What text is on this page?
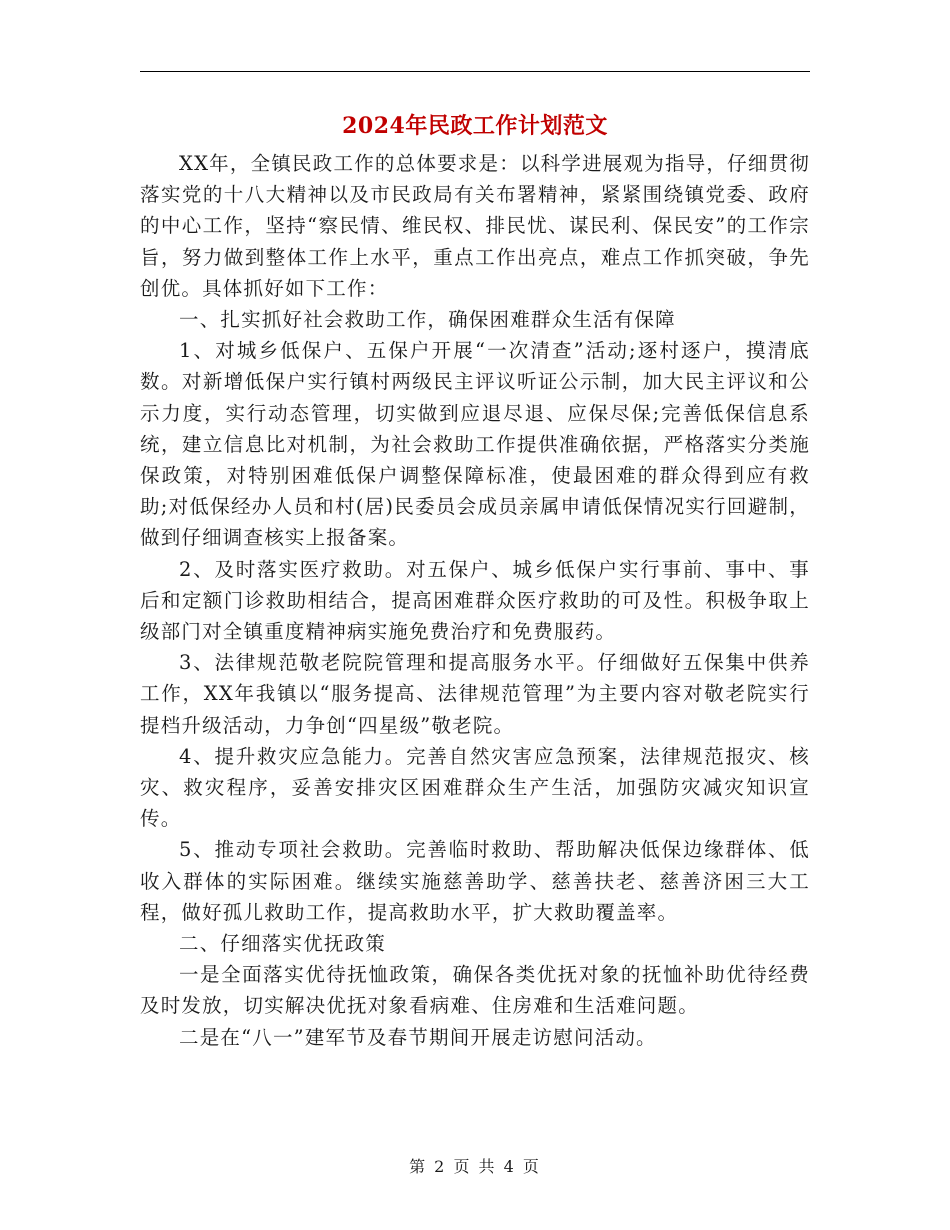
2024年民政工作计划范文

XX年，全镇民政工作的总体要求是：以科学进展观为指导，仔细贯彻落实党的十八大精神以及市民政局有关布署精神，紧紧围绕镇党委、政府的中心工作，坚持“察民情、维民权、排民忧、谋民利、保民安”的工作宗旨，努力做到整体工作上水平，重点工作出亮点，难点工作抓突破，争先创优。具体抓好如下工作：

一、扎实抓好社会救助工作，确保困难群众生活有保障

1、对城乡低保户、五保户开展“一次清查”活动;逐村逐户，摸清底数。对新增低保户实行镇村两级民主评议听证公示制，加大民主评议和公示力度，实行动态管理，切实做到应退尽退、应保尽保;完善低保信息系统，建立信息比对机制，为社会救助工作提供准确依据，严格落实分类施保政策，对特别困难低保户调整保障标准，使最困难的群众得到应有救助;对低保经办人员和村(居)民委员会成员亲属申请低保情况实行回避制，做到仔细调查核实上报备案。

2、及时落实医疗救助。对五保户、城乡低保户实行事前、事中、事后和定额门诊救助相结合，提高困难群众医疗救助的可及性。积极争取上级部门对全镇重度精神病实施免费治疗和免费服药。

3、法律规范敬老院院管理和提高服务水平。仔细做好五保集中供养工作，XX年我镇以“服务提高、法律规范管理”为主要内容对敬老院实行提档升级活动，力争创“四星级”敬老院。

4、提升救灾应急能力。完善自然灾害应急预案，法律规范报灾、核灾、救灾程序，妥善安排灾区困难群众生产生活，加强防灾减灾知识宣传。

5、推动专项社会救助。完善临时救助、帮助解决低保边缘群体、低收入群体的实际困难。继续实施慈善助学、慈善扶老、慈善济困三大工程，做好孤儿救助工作，提高救助水平，扩大救助覆盖率。

二、仔细落实优抚政策

一是全面落实优待抚恤政策，确保各类优抚对象的抚恤补助优待经费及时发放，切实解决优抚对象看病难、住房难和生活难问题。

二是在“八一”建军节及春节期间开展走访慰问活动。

第 2 页 共 4 页
